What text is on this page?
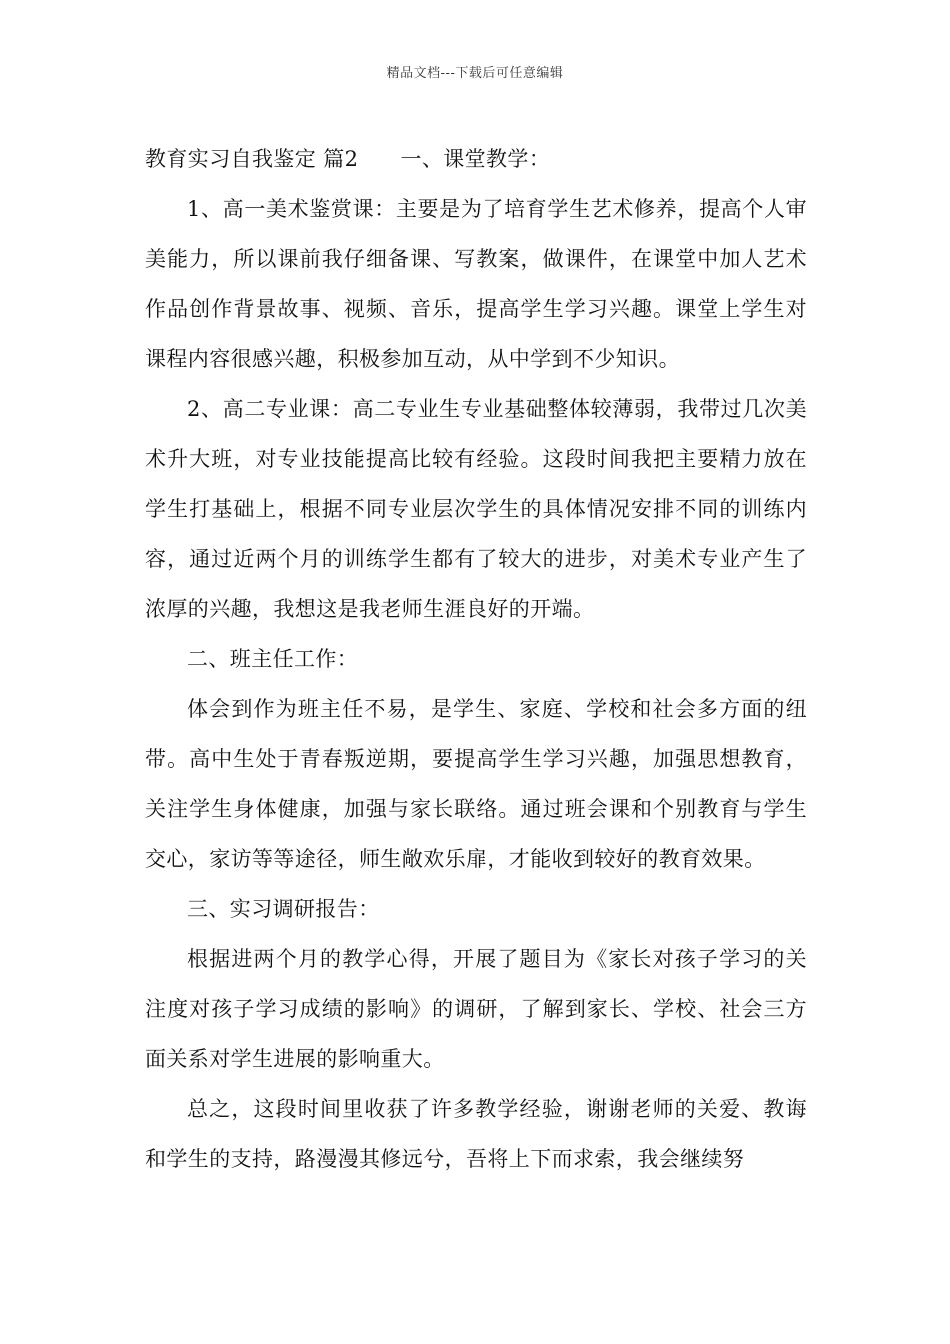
精品文档---下载后可任意编辑

教育实习自我鉴定 篇2 一、课堂教学：

1、高一美术鉴赏课：主要是为了培育学生艺术修养，提高个人审美能力，所以课前我仔细备课、写教案，做课件，在课堂中加人艺术作品创作背景故事、视频、音乐，提高学生学习兴趣。课堂上学生对课程内容很感兴趣，积极参加互动，从中学到不少知识。

2、高二专业课：高二专业生专业基础整体较薄弱，我带过几次美术升大班，对专业技能提高比较有经验。这段时间我把主要精力放在学生打基础上，根据不同专业层次学生的具体情况安排不同的训练内容，通过近两个月的训练学生都有了较大的进步，对美术专业产生了浓厚的兴趣，我想这是我老师生涯良好的开端。

二、班主任工作：

体会到作为班主任不易，是学生、家庭、学校和社会多方面的纽带。高中生处于青春叛逆期，要提高学生学习兴趣，加强思想教育，关注学生身体健康，加强与家长联络。通过班会课和个别教育与学生交心，家访等等途径，师生敞欢乐扉，才能收到较好的教育效果。

三、实习调研报告：

根据进两个月的教学心得，开展了题目为《家长对孩子学习的关注度对孩子学习成绩的影响》的调研，了解到家长、学校、社会三方面关系对学生进展的影响重大。

总之，这段时间里收获了许多教学经验，谢谢老师的关爱、教诲和学生的支持，路漫漫其修远兮，吾将上下而求索，我会继续努
